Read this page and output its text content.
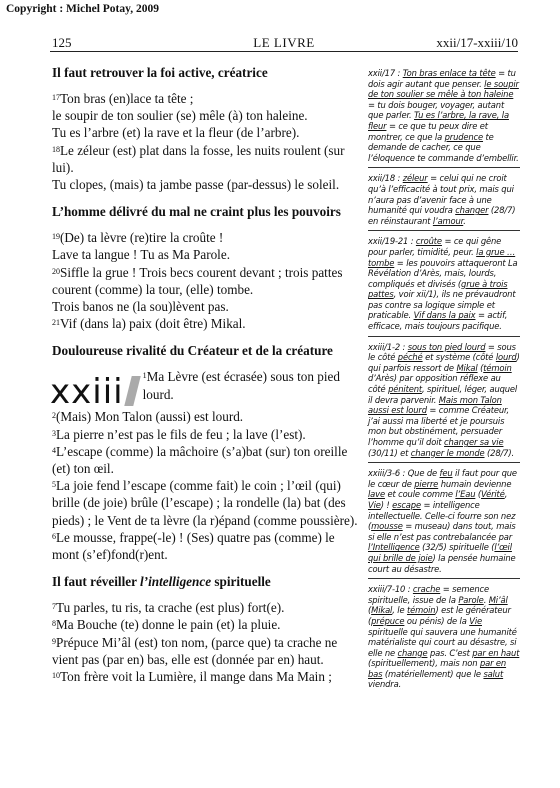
Copyright : Michel Potay, 2009
125	LE LIVRE	xxii/17-xxiii/10
Il faut retrouver la foi active, créatrice

$^{17}$Ton bras (en)lace ta tête ;

le soupir de ton soulier (se) mêle (à) ton haleine.

Tu es l’arbre (et) la rave et la fleur (de l’arbre).

$^{18}$Le zéleur (est) plat dans la fosse, les nuits roulent (sur lui).

Tu clopes, (mais) ta jambe passe (par-dessus) le soleil.

L’homme délivré du mal ne craint plus les pouvoirs

$^{19}$(De) ta lèvre (re)tire la croûte !

Lave ta langue ! Tu as Ma Parole.

$^{20}$Siffle la grue ! Trois becs courent devant ; trois pattes courent (comme) la tour, (elle) tombe.

Trois banos ne (la sou)lèvent pas.

$^{21}$Vif (dans la) paix (doit être) Mikal.

Douloureuse rivalité du Créateur et de la créature

xxiii $^1$Ma Lèvre (est écrasée) sous ton pied lourd.

$^2$(Mais) Mon Talon (aussi) est lourd.

$^3$La pierre n’est pas le fils de feu ; la lave (l’est).

$^4$L’escape (comme) la mâchoire (s’a)bat (sur) ton oreille (et) ton œil.

$^5$La joie fend l’escape (comme fait) le coin ; l’œil (qui) brille (de joie) brûle (l’escape) ; la rondelle (la) bat (des pieds) ; le Vent de ta lèvre (la r)épand (comme poussière).

$^6$Le mousse, frappe(-le) ! (Ses) quatre pas (comme) le mont (s’ef)fond(r)ent.

Il faut réveiller l’intelligence spirituelle

$^7$Tu parles, tu ris, ta crache (est plus) fort(e).

$^8$Ma Bouche (te) donne le pain (et) la pluie.

$^9$Prépuce Mi’âl (est) ton nom, (parce que) ta crache ne vient pas (par en) bas, elle est (donnée par en) haut.

$^{10}$Ton frère voit la Lumière, il mange dans Ma Main ;

xxii/17 : Ton bras enlace ta tête = tu dois agir autant que penser. le soupir de ton soulier se mêle à ton haleine = tu dois bouger, voyager, autant que parler. Tu es l’arbre, la rave, la fleur = ce que tu peux dire et montrer, ce que la prudence te demande de cacher, ce que l’éloquence te commande d’embellir.
xxii/18 : zéleur = celui qui ne croit qu’à l’efficacité à tout prix, mais qui n’aura pas d’avenir face à une humanité qui voudra changer (28/7) en réinstaurant l’amour.
xxii/19-21 : croûte = ce qui gêne pour parler, timidité, peur. la grue … tombe = les pouvoirs attaqueront La Révélation d’Arès, mais, lourds, compliqués et divisés (grue à trois pattes, voir xii/1), ils ne prévaudront pas contre sa logique simple et praticable. Vif dans la paix = actif, efficace, mais toujours pacifique.
xxiii/1-2 : sous ton pied lourd = sous le côté péché et système (côté lourd) qui parfois ressort de Mikal (témoin d’Arès) par opposition réflexe au côté pénitent, spirituel, léger, auquel il devra parvenir. Mais mon Talon aussi est lourd = comme Créateur, j’ai aussi ma liberté et je poursuis mon but obstinément, persuader l’homme qu’il doit changer sa vie (30/11) et changer le monde (28/7).
xxiii/3-6 : Que de feu il faut pour que le cœur de pierre humain devienne lave et coule comme l’Eau (Vérité, Vie) ! escape = intelligence intellectuelle. Celle-ci fourre son nez (mousse = museau) dans tout, mais si elle n’est pas contrebalancée par l’Intelligence (32/5) spirituelle (l’œil qui brille de joie) la pensée humaine court au désastre.
xxiii/7-10 : crache = semence spirituelle, issue de la Parole. Mi’âl (Mikal, le témoin) est le générateur (prépuce ou pénis) de la Vie spirituelle qui sauvera une humanité matérialiste qui court au désastre, si elle ne change pas. C’est par en haut (spirituellement), mais non par en bas (matériellement) que le salut viendra.
